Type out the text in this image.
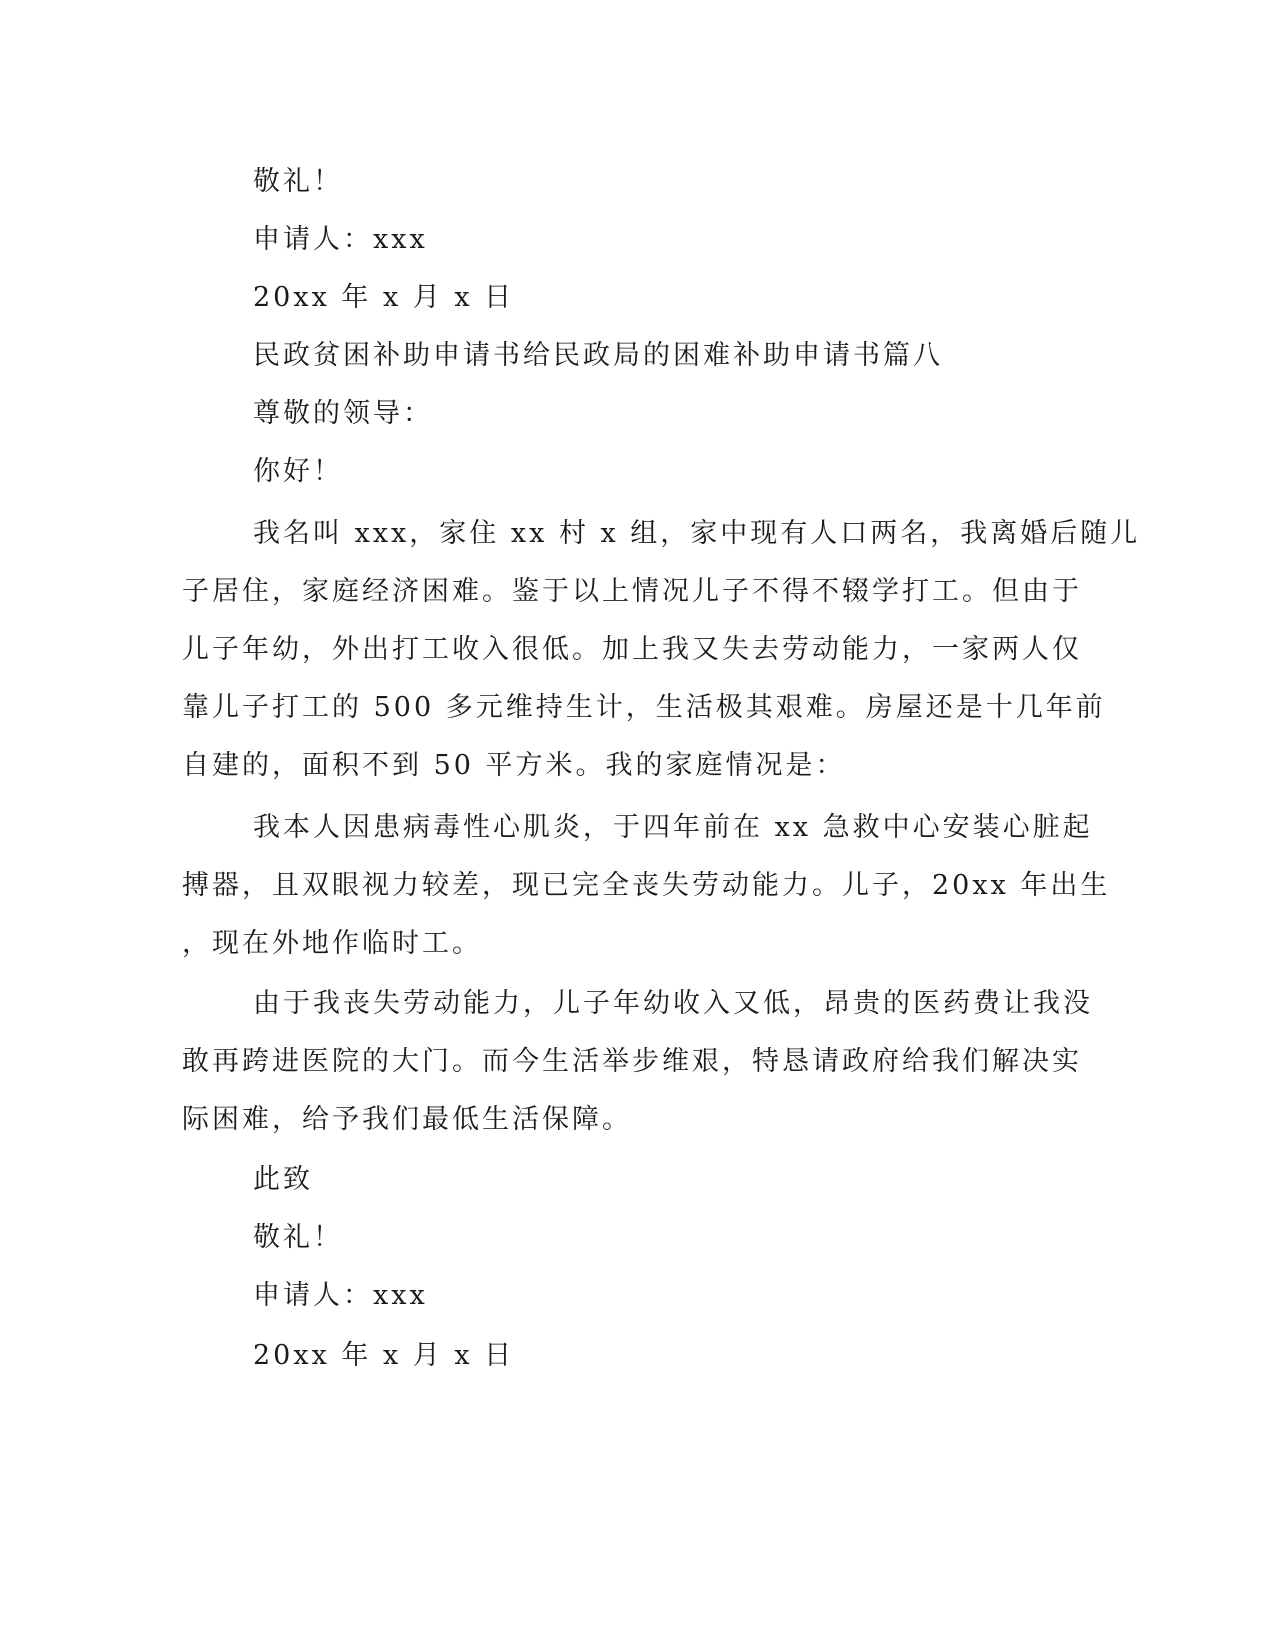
敬礼！
申请人：xxx
20xx 年 x 月 x 日
民政贫困补助申请书给民政局的困难补助申请书篇八
尊敬的领导：
你好！
我名叫 xxx，家住 xx 村 x 组，家中现有人口两名，我离婚后随儿
子居住，家庭经济困难。鉴于以上情况儿子不得不辍学打工。但由于
儿子年幼，外出打工收入很低。加上我又失去劳动能力，一家两人仅
靠儿子打工的 500 多元维持生计，生活极其艰难。房屋还是十几年前
自建的，面积不到 50 平方米。我的家庭情况是：
我本人因患病毒性心肌炎，于四年前在 xx 急救中心安装心脏起
搏器，且双眼视力较差，现已完全丧失劳动能力。儿子，20xx 年出生
，现在外地作临时工。
由于我丧失劳动能力，儿子年幼收入又低，昂贵的医药费让我没
敢再跨进医院的大门。而今生活举步维艰，特恳请政府给我们解决实
际困难，给予我们最低生活保障。
此致
敬礼！
申请人：xxx
20xx 年 x 月 x 日
